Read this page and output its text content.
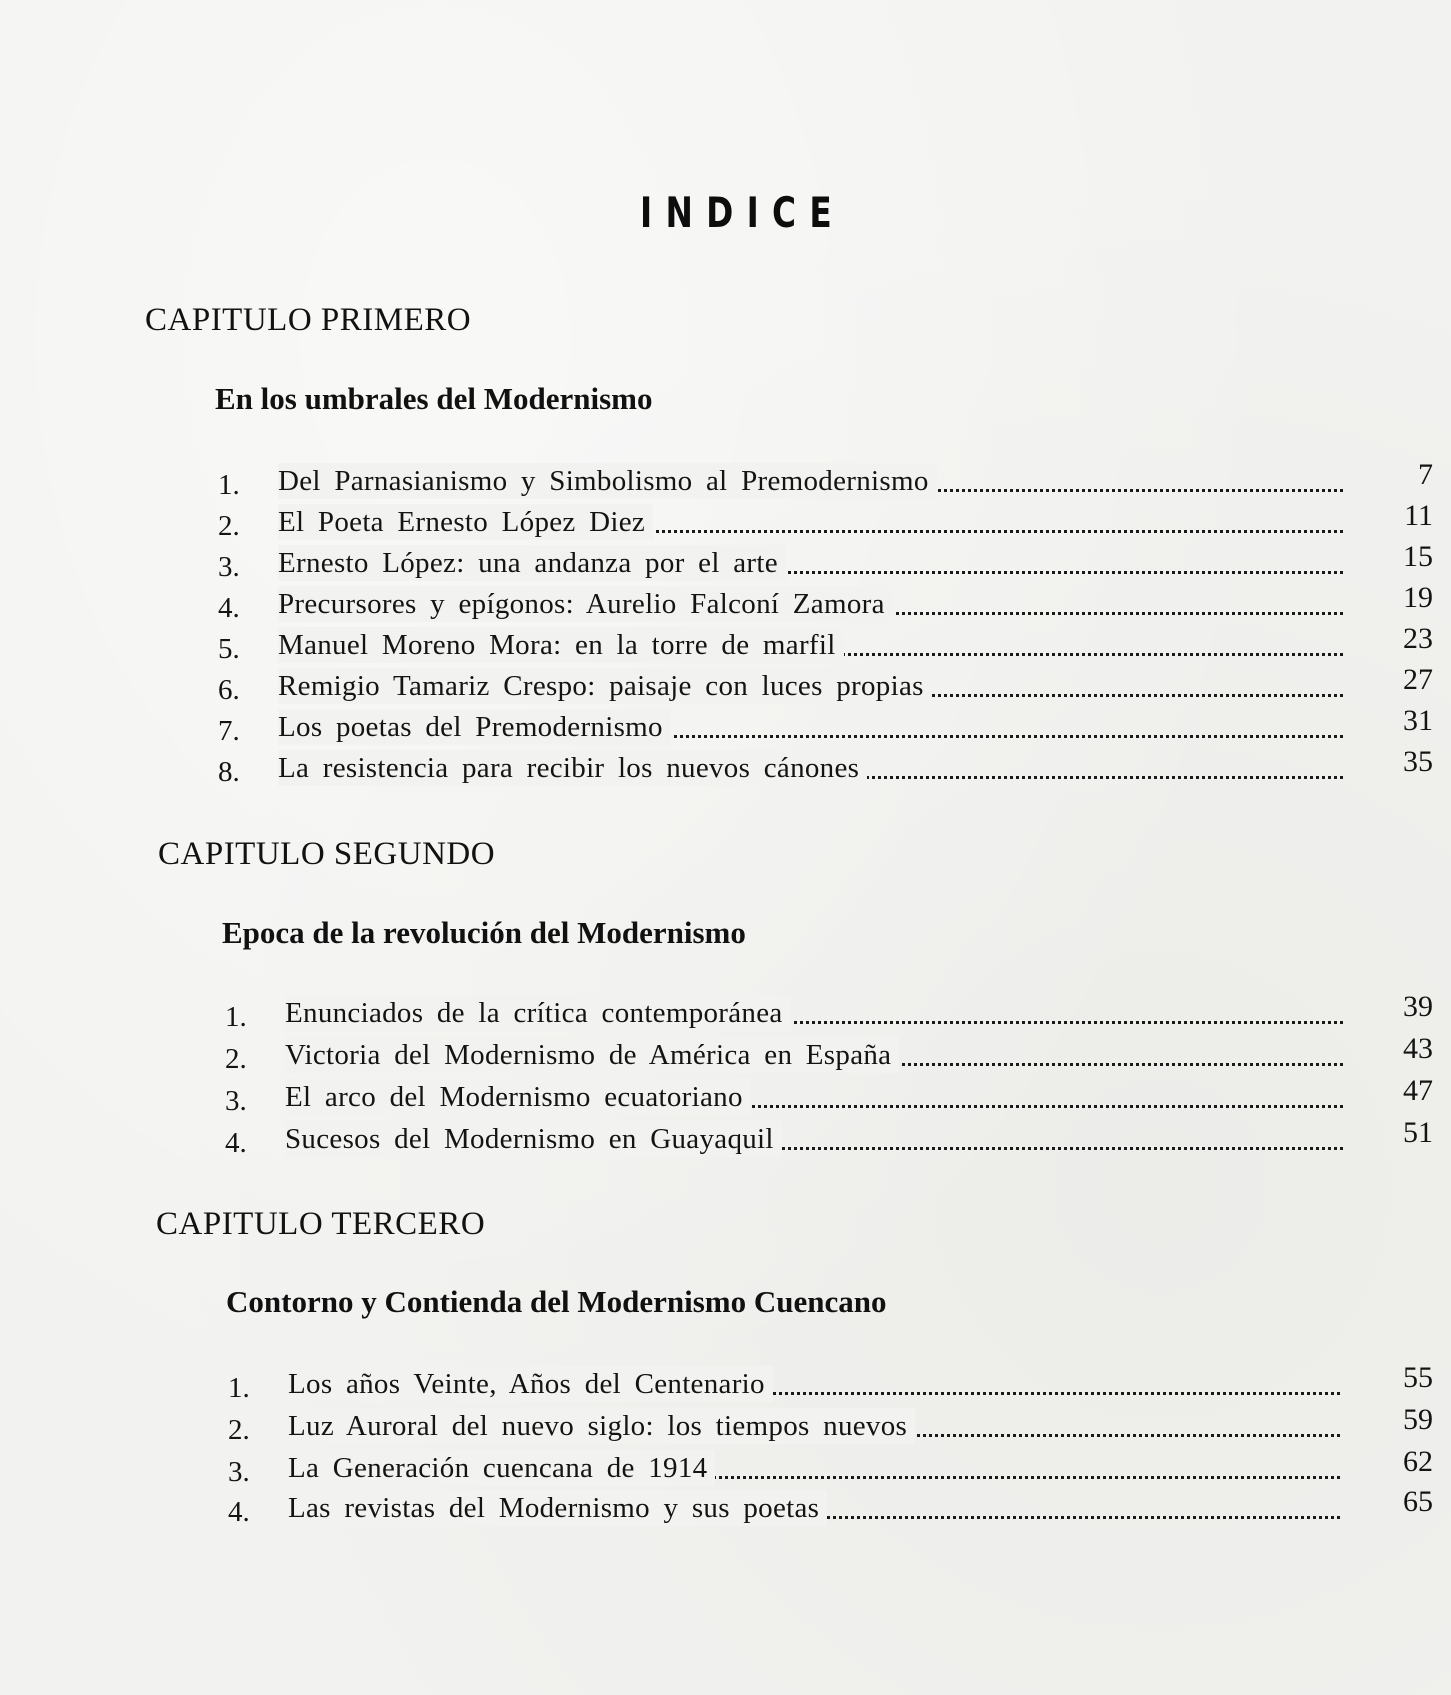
INDICE
CAPITULO PRIMERO
En los umbrales del Modernismo
1. Del Parnasianismo y Simbolismo al Premodernismo	7
2. El Poeta Ernesto López Diez	11
3. Ernesto López: una andanza por el arte	15
4. Precursores y epígonos: Aurelio Falconí Zamora	19
5. Manuel Moreno Mora: en la torre de marfil	23
6. Remigio Tamariz Crespo: paisaje con luces propias	27
7. Los poetas del Premodernismo	31
8. La resistencia para recibir los nuevos cánones	35
CAPITULO SEGUNDO
Epoca de la revolución del Modernismo
1. Enunciados de la crítica contemporánea	39
2. Victoria del Modernismo de América en España	43
3. El arco del Modernismo ecuatoriano	47
4. Sucesos del Modernismo en Guayaquil	51
CAPITULO TERCERO
Contorno y Contienda del Modernismo Cuencano
1. Los años Veinte, Años del Centenario	55
2. Luz Auroral del nuevo siglo: los tiempos nuevos	59
3. La Generación cuencana de 1914	62
4. Las revistas del Modernismo y sus poetas	65
